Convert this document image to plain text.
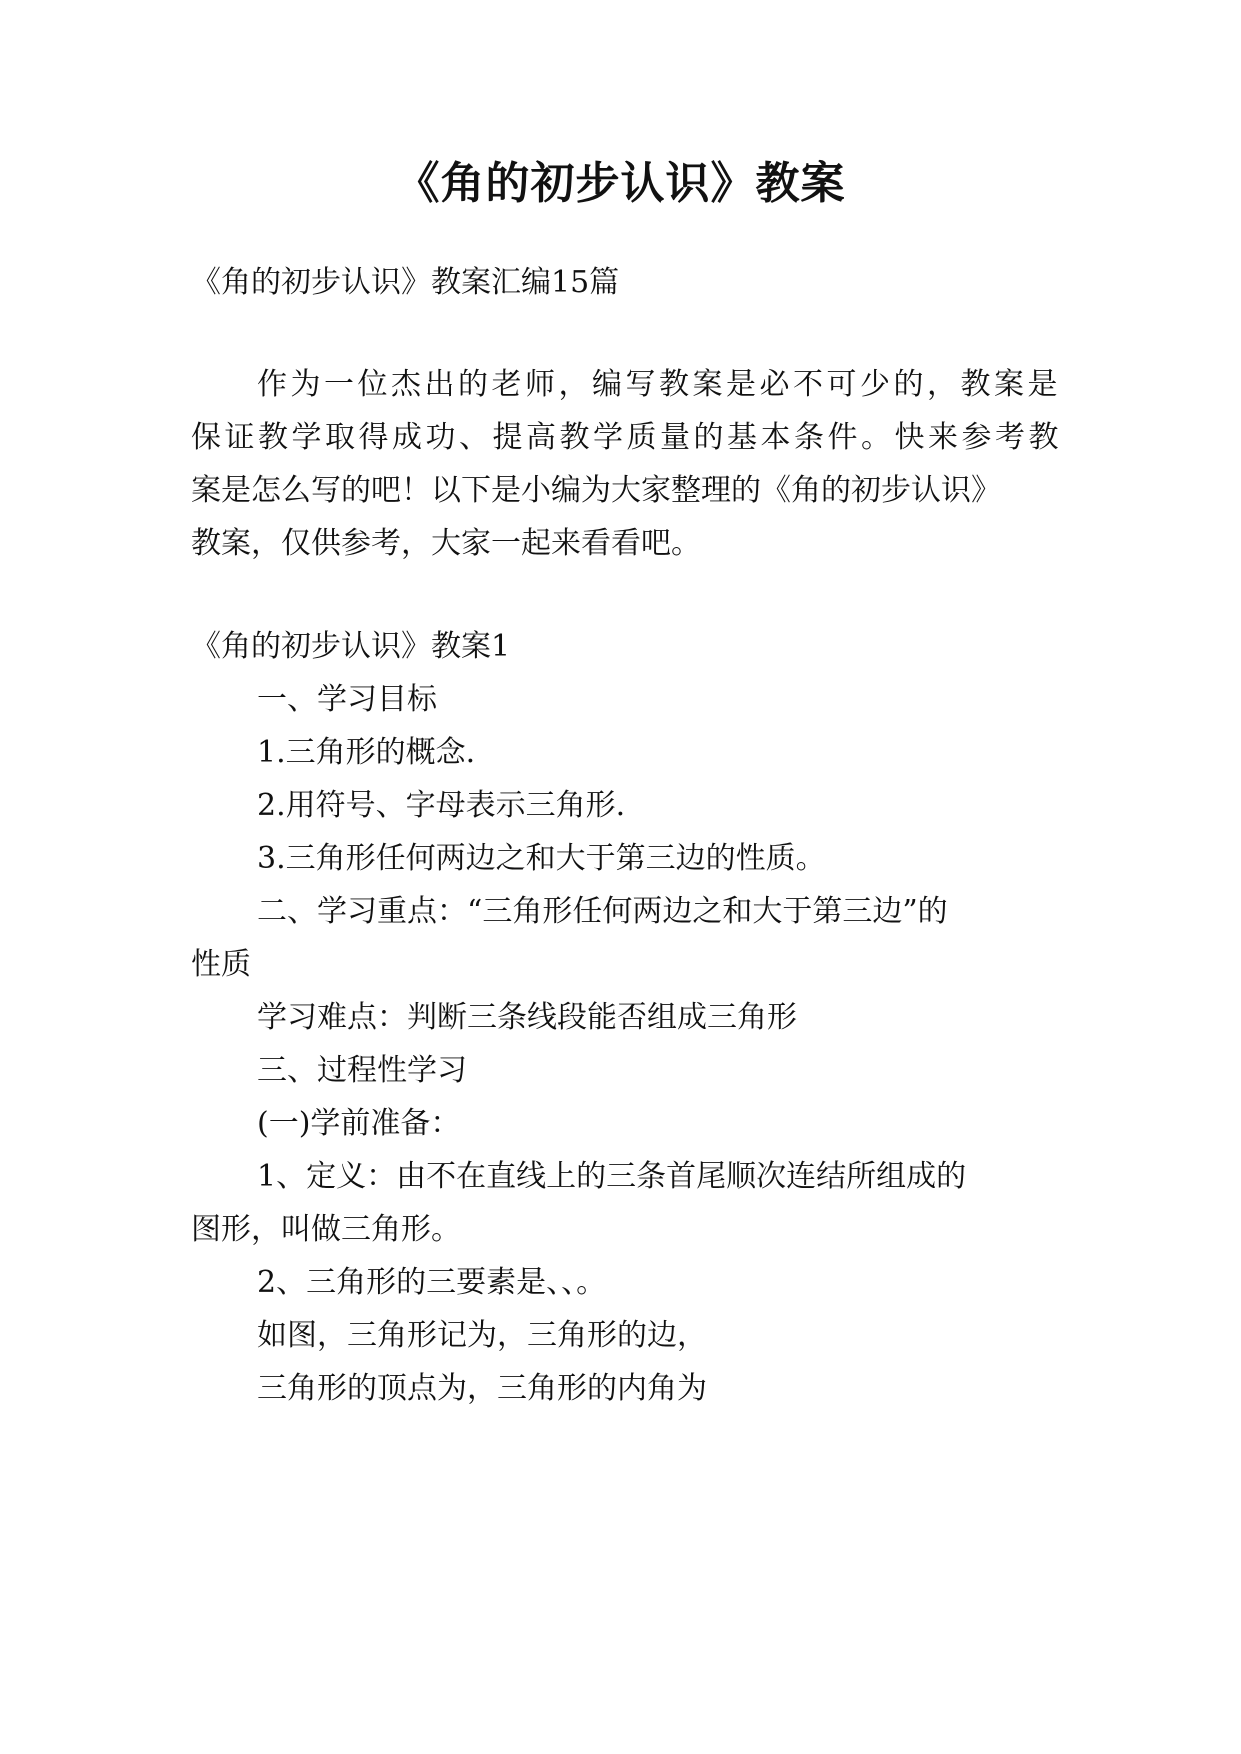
《角的初步认识》教案

《角的初步认识》教案汇编15篇

作为一位杰出的老师，编写教案是必不可少的，教案是

保证教学取得成功、提高教学质量的基本条件。快来参考教

案是怎么写的吧！以下是小编为大家整理的《角的初步认识》

教案，仅供参考，大家一起来看看吧。

《角的初步认识》教案1

一、学习目标

1.三角形的概念.

2.用符号、字母表示三角形.

3.三角形任何两边之和大于第三边的性质。

二、学习重点：“三角形任何两边之和大于第三边”的

性质

学习难点：判断三条线段能否组成三角形

三、过程性学习

(一)学前准备：

1、定义：由不在直线上的三条首尾顺次连结所组成的

图形，叫做三角形。

2、三角形的三要素是、、。

如图，三角形记为，三角形的边，

三角形的顶点为，三角形的内角为
